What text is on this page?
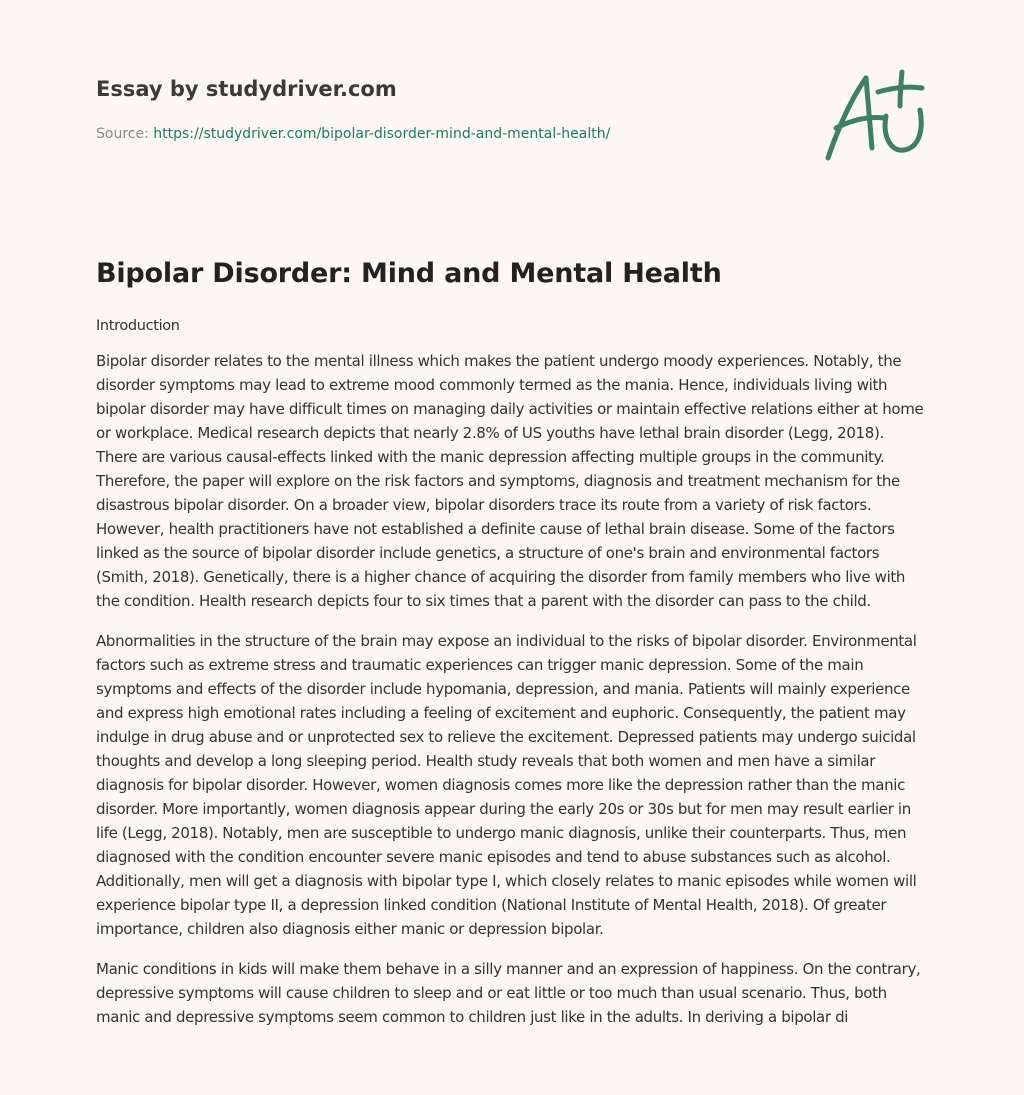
Essay by studydriver.com
Source: https://studydriver.com/bipolar-disorder-mind-and-mental-health/
Bipolar Disorder: Mind and Mental Health
Introduction

Bipolar disorder relates to the mental illness which makes the patient undergo moody experiences. Notably, the disorder symptoms may lead to extreme mood commonly termed as the mania. Hence, individuals living with bipolar disorder may have difficult times on managing daily activities or maintain effective relations either at home or workplace. Medical research depicts that nearly 2.8% of US youths have lethal brain disorder (Legg, 2018). There are various causal-effects linked with the manic depression affecting multiple groups in the community. Therefore, the paper will explore on the risk factors and symptoms, diagnosis and treatment mechanism for the disastrous bipolar disorder. On a broader view, bipolar disorders trace its route from a variety of risk factors. However, health practitioners have not established a definite cause of lethal brain disease. Some of the factors linked as the source of bipolar disorder include genetics, a structure of one's brain and environmental factors (Smith, 2018). Genetically, there is a higher chance of acquiring the disorder from family members who live with the condition. Health research depicts four to six times that a parent with the disorder can pass to the child.

Abnormalities in the structure of the brain may expose an individual to the risks of bipolar disorder. Environmental factors such as extreme stress and traumatic experiences can trigger manic depression. Some of the main symptoms and effects of the disorder include hypomania, depression, and mania. Patients will mainly experience and express high emotional rates including a feeling of excitement and euphoric. Consequently, the patient may indulge in drug abuse and or unprotected sex to relieve the excitement. Depressed patients may undergo suicidal thoughts and develop a long sleeping period. Health study reveals that both women and men have a similar diagnosis for bipolar disorder. However, women diagnosis comes more like the depression rather than the manic disorder. More importantly, women diagnosis appear during the early 20s or 30s but for men may result earlier in life (Legg, 2018). Notably, men are susceptible to undergo manic diagnosis, unlike their counterparts. Thus, men diagnosed with the condition encounter severe manic episodes and tend to abuse substances such as alcohol. Additionally, men will get a diagnosis with bipolar type I, which closely relates to manic episodes while women will experience bipolar type II, a depression linked condition (National Institute of Mental Health, 2018). Of greater importance, children also diagnosis either manic or depression bipolar.

Manic conditions in kids will make them behave in a silly manner and an expression of happiness. On the contrary, depressive symptoms will cause children to sleep and or eat little or too much than usual scenario. Thus, both manic and depressive symptoms seem common to children just like in the adults. In deriving a bipolar di
